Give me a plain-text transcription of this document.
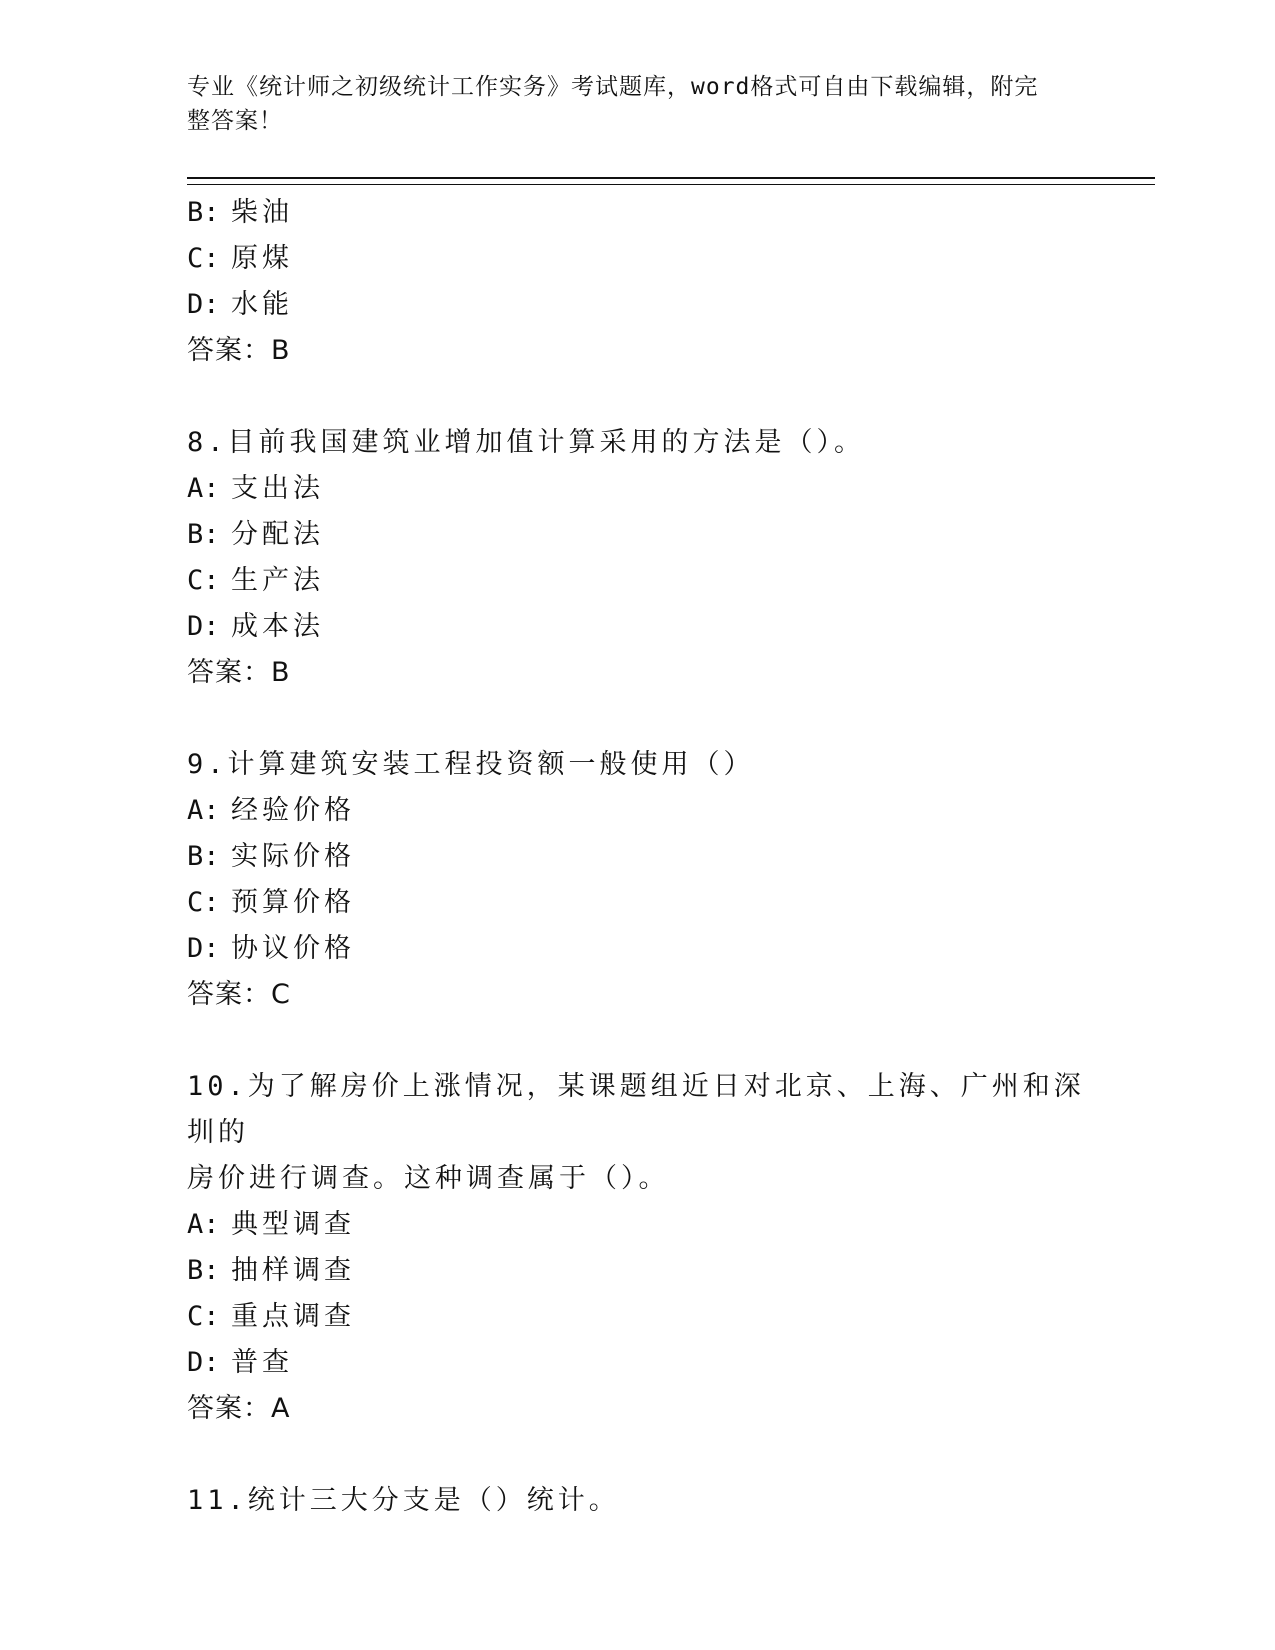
专业《统计师之初级统计工作实务》考试题库，word格式可自由下载编辑，附完
整答案！
B: 柴油
C: 原煤
D: 水能
答案：B
8.目前我国建筑业增加值计算采用的方法是（）。
A: 支出法
B: 分配法
C: 生产法
D: 成本法
答案：B
9.计算建筑安装工程投资额一般使用（）
A: 经验价格
B: 实际价格
C: 预算价格
D: 协议价格
答案：C
10.为了解房价上涨情况，某课题组近日对北京、上海、广州和深圳的
房价进行调查。这种调查属于（）。
A: 典型调查
B: 抽样调查
C: 重点调查
D: 普查
答案：A
11.统计三大分支是（）统计。
